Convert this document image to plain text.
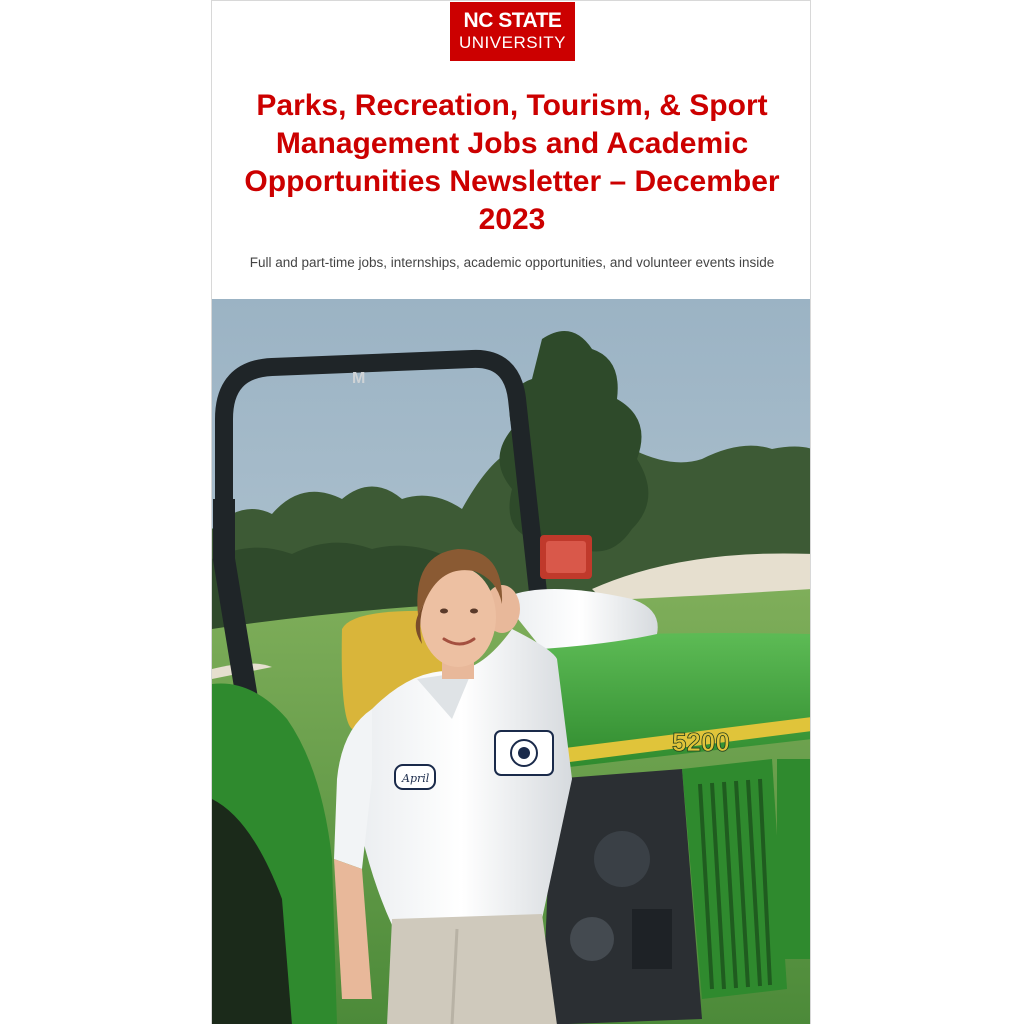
NC STATE
UNIVERSITY
Parks, Recreation, Tourism, & Sport Management Jobs and Academic Opportunities Newsletter – December 2023
Full and part-time jobs, internships, academic opportunities, and volunteer events inside
M
5200
April
